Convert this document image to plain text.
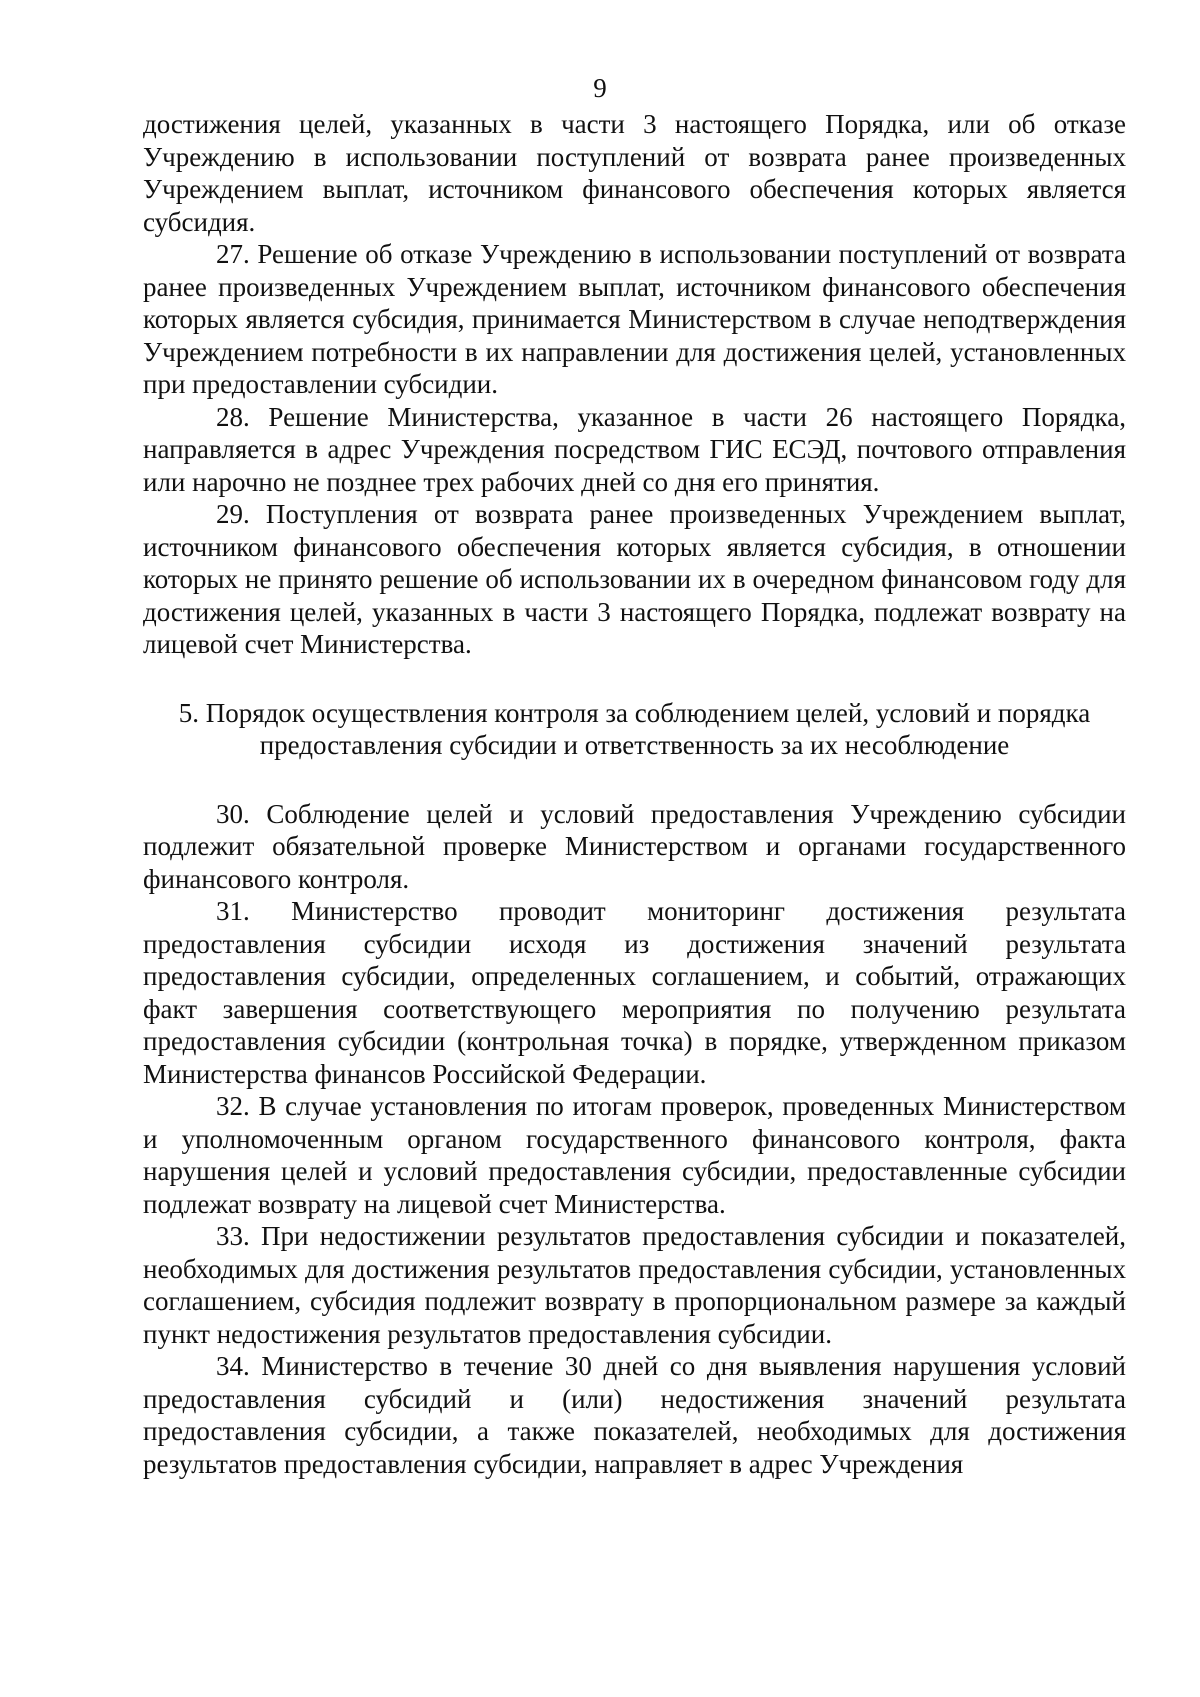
9

достижения целей, указанных в части 3 настоящего Порядка, или об отказе Учреждению в использовании поступлений от возврата ранее произведенных Учреждением выплат, источником финансового обеспечения которых является субсидия.

27. Решение об отказе Учреждению в использовании поступлений от возврата ранее произведенных Учреждением выплат, источником финансового обеспечения которых является субсидия, принимается Министерством в случае неподтверждения Учреждением потребности в их направлении для достижения целей, установленных при предоставлении субсидии.

28. Решение Министерства, указанное в части 26 настоящего Порядка, направляется в адрес Учреждения посредством ГИС ЕСЭД, почтового отправления или нарочно не позднее трех рабочих дней со дня его принятия.

29. Поступления от возврата ранее произведенных Учреждением выплат, источником финансового обеспечения которых является субсидия, в отношении которых не принято решение об использовании их в очередном финансовом году для достижения целей, указанных в части 3 настоящего Порядка, подлежат возврату на лицевой счет Министерства.

5. Порядок осуществления контроля за соблюдением целей, условий и порядка
предоставления субсидии и ответственность за их несоблюдение

30. Соблюдение целей и условий предоставления Учреждению субсидии подлежит обязательной проверке Министерством и органами государственного финансового контроля.

31. Министерство проводит мониторинг достижения результата предоставления субсидии исходя из достижения значений результата предоставления субсидии, определенных соглашением, и событий, отражающих факт завершения соответствующего мероприятия по получению результата предоставления субсидии (контрольная точка) в порядке, утвержденном приказом Министерства финансов Российской Федерации.

32. В случае установления по итогам проверок, проведенных Министерством и уполномоченным органом государственного финансового контроля, факта нарушения целей и условий предоставления субсидии, предоставленные субсидии подлежат возврату на лицевой счет Министерства.

33. При недостижении результатов предоставления субсидии и показателей, необходимых для достижения результатов предоставления субсидии, установленных соглашением, субсидия подлежит возврату в пропорциональном размере за каждый пункт недостижения результатов предоставления субсидии.

34. Министерство в течение 30 дней со дня выявления нарушения условий предоставления субсидий и (или) недостижения значений результата предоставления субсидии, а также показателей, необходимых для достижения результатов предоставления субсидии, направляет в адрес Учреждения
